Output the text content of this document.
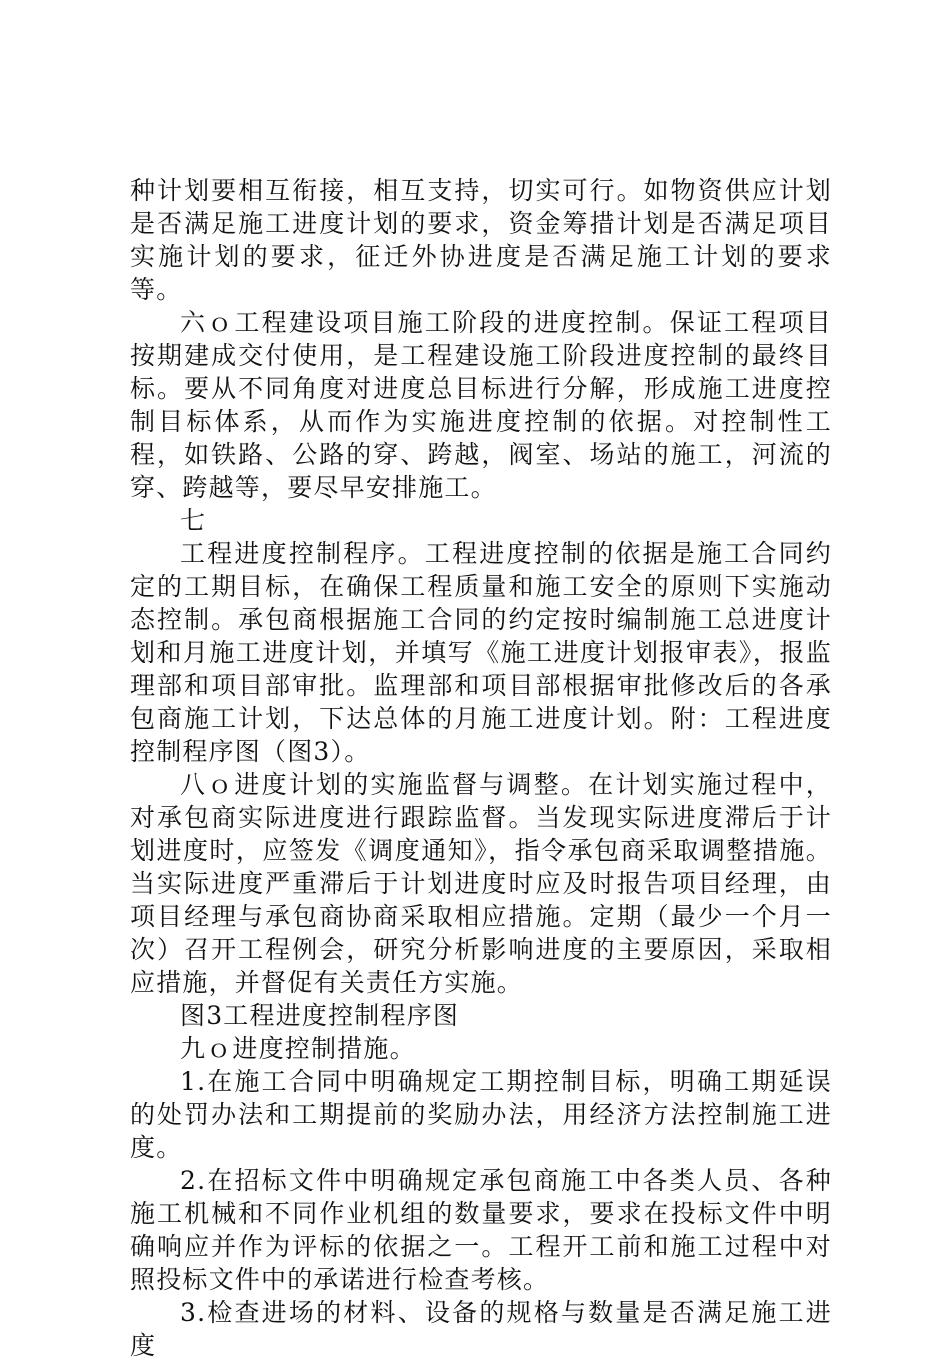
种计划要相互衔接，相互支持，切实可行。如物资供应计划是否满足施工进度计划的要求，资金筹措计划是否满足项目实施计划的要求，征迁外协进度是否满足施工计划的要求等。

六ｏ工程建设项目施工阶段的进度控制。保证工程项目按期建成交付使用，是工程建设施工阶段进度控制的最终目标。要从不同角度对进度总目标进行分解，形成施工进度控制目标体系，从而作为实施进度控制的依据。对控制性工程，如铁路、公路的穿、跨越，阀室、场站的施工，河流的穿、跨越等，要尽早安排施工。

七

工程进度控制程序。工程进度控制的依据是施工合同约定的工期目标，在确保工程质量和施工安全的原则下实施动态控制。承包商根据施工合同的约定按时编制施工总进度计划和月施工进度计划，并填写《施工进度计划报审表》，报监理部和项目部审批。监理部和项目部根据审批修改后的各承包商施工计划，下达总体的月施工进度计划。附：工程进度控制程序图（图3）。

八ｏ进度计划的实施监督与调整。在计划实施过程中，对承包商实际进度进行跟踪监督。当发现实际进度滞后于计划进度时，应签发《调度通知》，指令承包商采取调整措施。当实际进度严重滞后于计划进度时应及时报告项目经理，由项目经理与承包商协商采取相应措施。定期（最少一个月一次）召开工程例会，研究分析影响进度的主要原因，采取相应措施，并督促有关责任方实施。

图3工程进度控制程序图

九ｏ进度控制措施。

1.在施工合同中明确规定工期控制目标，明确工期延误的处罚办法和工期提前的奖励办法，用经济方法控制施工进度。

2.在招标文件中明确规定承包商施工中各类人员、各种施工机械和不同作业机组的数量要求，要求在投标文件中明确响应并作为评标的依据之一。工程开工前和施工过程中对照投标文件中的承诺进行检查考核。

3.检查进场的材料、设备的规格与数量是否满足施工进度
